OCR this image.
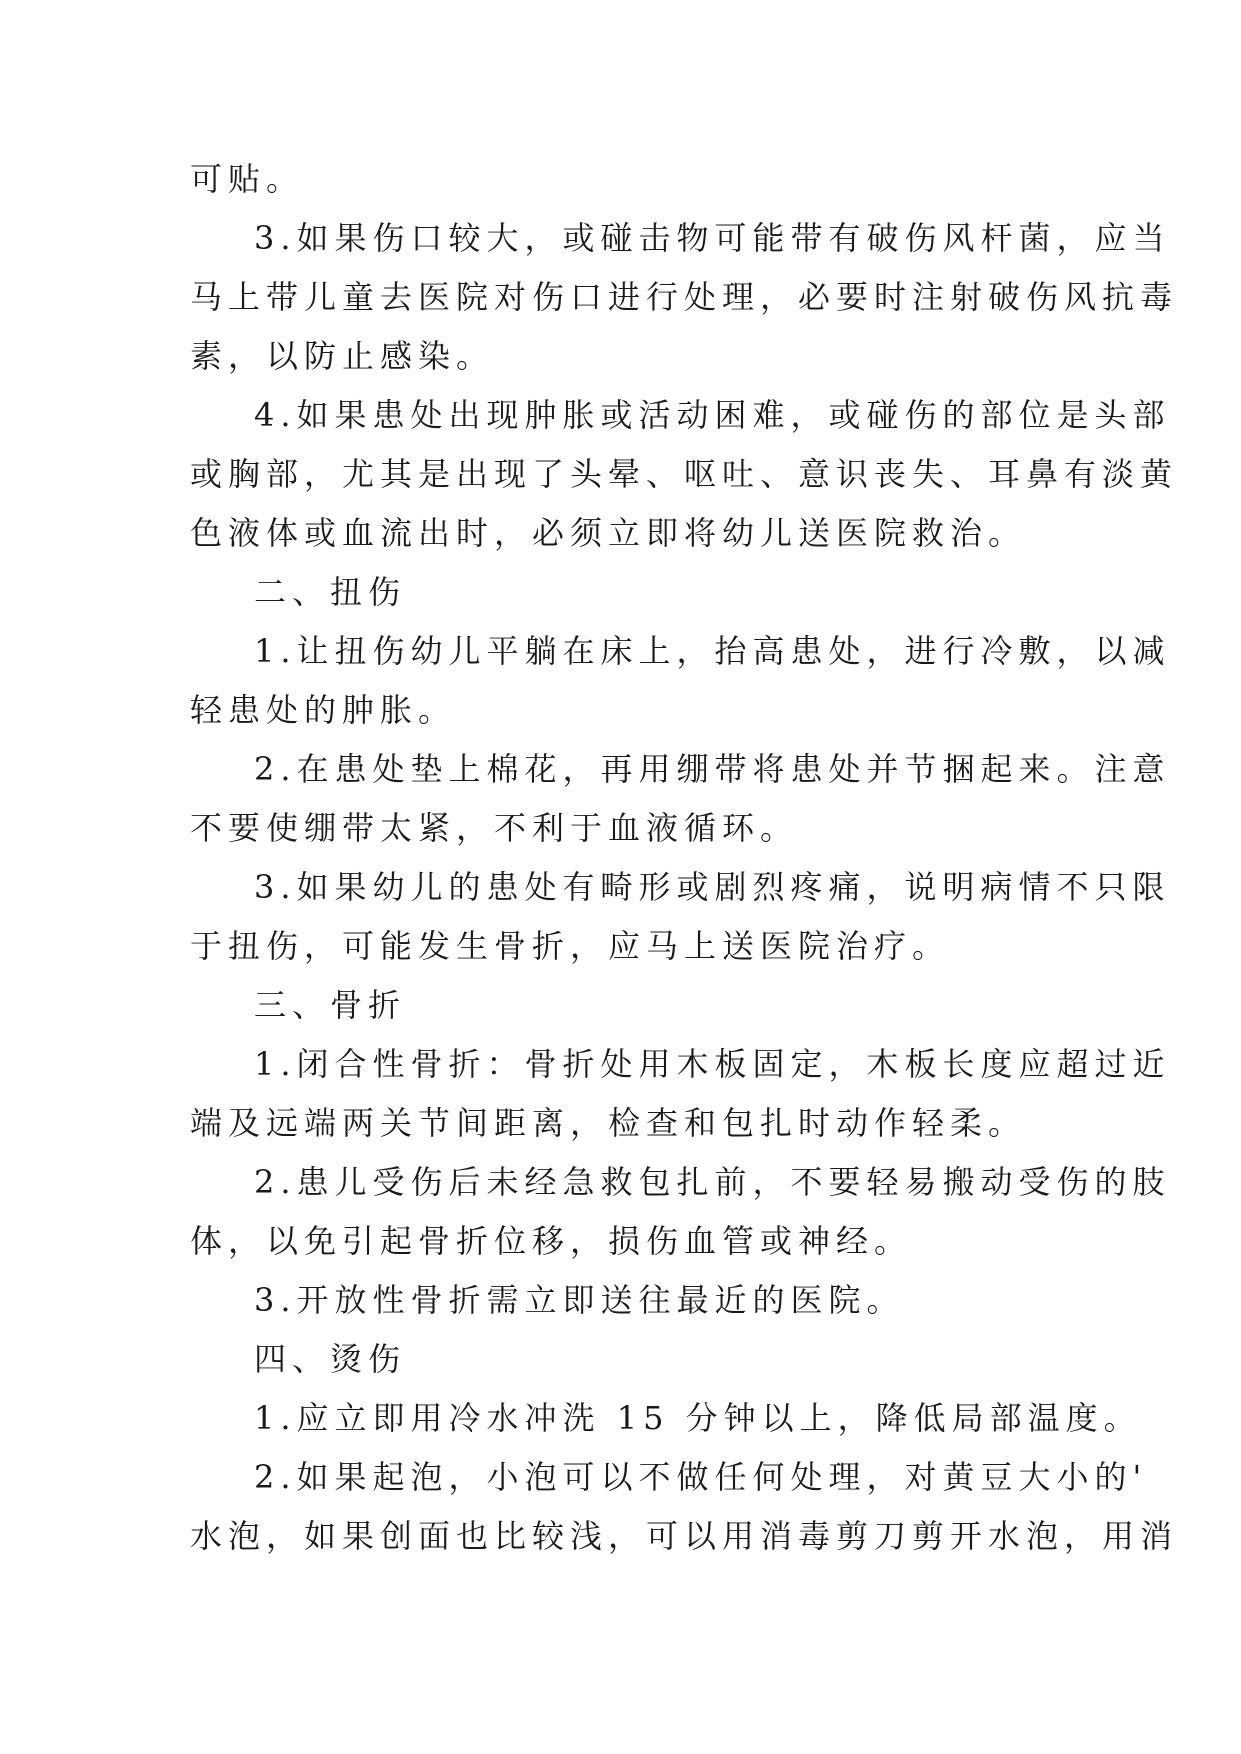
可贴。
3.如果伤口较大，或碰击物可能带有破伤风杆菌，应当
马上带儿童去医院对伤口进行处理，必要时注射破伤风抗毒
素，以防止感染。
4.如果患处出现肿胀或活动困难，或碰伤的部位是头部
或胸部，尤其是出现了头晕、呕吐、意识丧失、耳鼻有淡黄
色液体或血流出时，必须立即将幼儿送医院救治。
二、扭伤
1.让扭伤幼儿平躺在床上，抬高患处，进行冷敷，以减
轻患处的肿胀。
2.在患处垫上棉花，再用绷带将患处并节捆起来。注意
不要使绷带太紧，不利于血液循环。
3.如果幼儿的患处有畸形或剧烈疼痛，说明病情不只限
于扭伤，可能发生骨折，应马上送医院治疗。
三、骨折
1.闭合性骨折：骨折处用木板固定，木板长度应超过近
端及远端两关节间距离，检查和包扎时动作轻柔。
2.患儿受伤后未经急救包扎前，不要轻易搬动受伤的肢
体，以免引起骨折位移，损伤血管或神经。
3.开放性骨折需立即送往最近的医院。
四、烫伤
1.应立即用冷水冲洗 15 分钟以上，降低局部温度。
2.如果起泡，小泡可以不做任何处理，对黄豆大小的'
水泡，如果创面也比较浅，可以用消毒剪刀剪开水泡，用消
